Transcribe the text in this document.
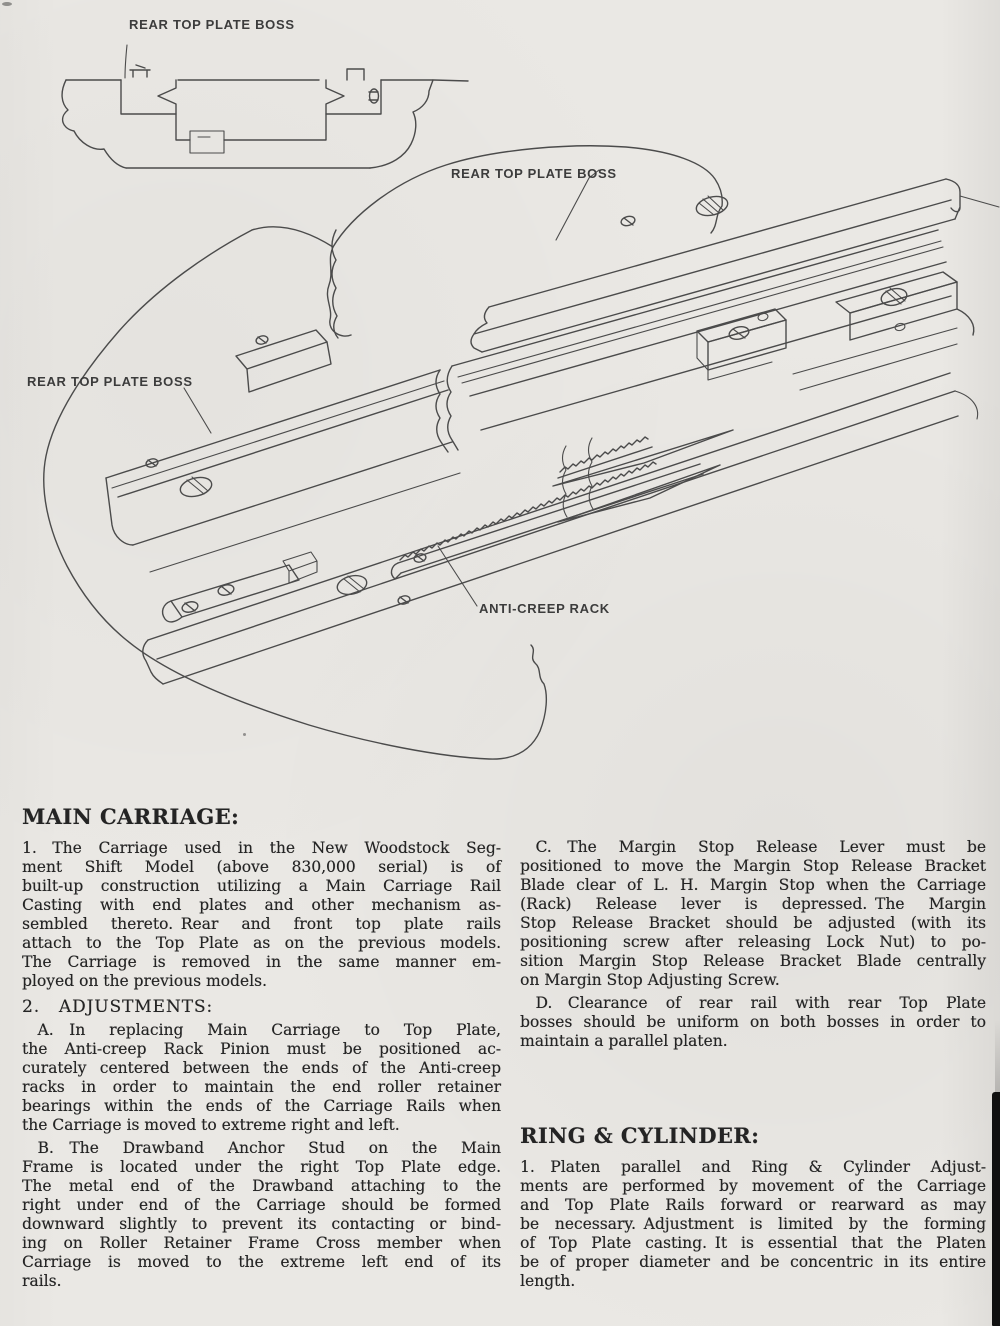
REAR TOP PLATE BOSS
REAR TOP PLATE BOSS
REAR TOP PLATE BOSS
ANTI-CREEP RACK
MAIN CARRIAGE:
1.  The Carriage used in the New Woodstock Seg-
ment Shift Model (above 830,000 serial) is of
built-up construction utilizing a Main Carriage Rail
Casting with end plates and other mechanism as-
sembled thereto. Rear and front top plate rails
attach to the Top Plate as on the previous models.
The Carriage is removed in the same manner em-
ployed on the previous models.
2.  ADJUSTMENTS:
 A.  In replacing Main Carriage to Top Plate,
the Anti-creep Rack Pinion must be positioned ac-
curately centered between the ends of the Anti-creep
racks in order to maintain the end roller retainer
bearings within the ends of the Carriage Rails when
the Carriage is moved to extreme right and left.
 B.  The Drawband Anchor Stud on the Main
Frame is located under the right Top Plate edge.
The metal end of the Drawband attaching to the
right under end of the Carriage should be formed
downward slightly to prevent its contacting or bind-
ing on Roller Retainer Frame Cross member when
Carriage is moved to the extreme left end of its
rails.
 C.  The Margin Stop Release Lever must be
positioned to move the Margin Stop Release Bracket
Blade clear of L. H. Margin Stop when the Carriage
(Rack) Release lever is depressed. The Margin
Stop Release Bracket should be adjusted (with its
positioning screw after releasing Lock Nut) to po-
sition Margin Stop Release Bracket Blade centrally
on Margin Stop Adjusting Screw.
 D.  Clearance of rear rail with rear Top Plate
bosses should be uniform on both bosses in order to
maintain a parallel platen.
RING & CYLINDER:
1.  Platen parallel and Ring & Cylinder Adjust-
ments are performed by movement of the Carriage
and Top Plate Rails forward or rearward as may
be necessary. Adjustment is limited by the forming
of Top Plate casting. It is essential that the Platen
be of proper diameter and be concentric in its entire
length.
